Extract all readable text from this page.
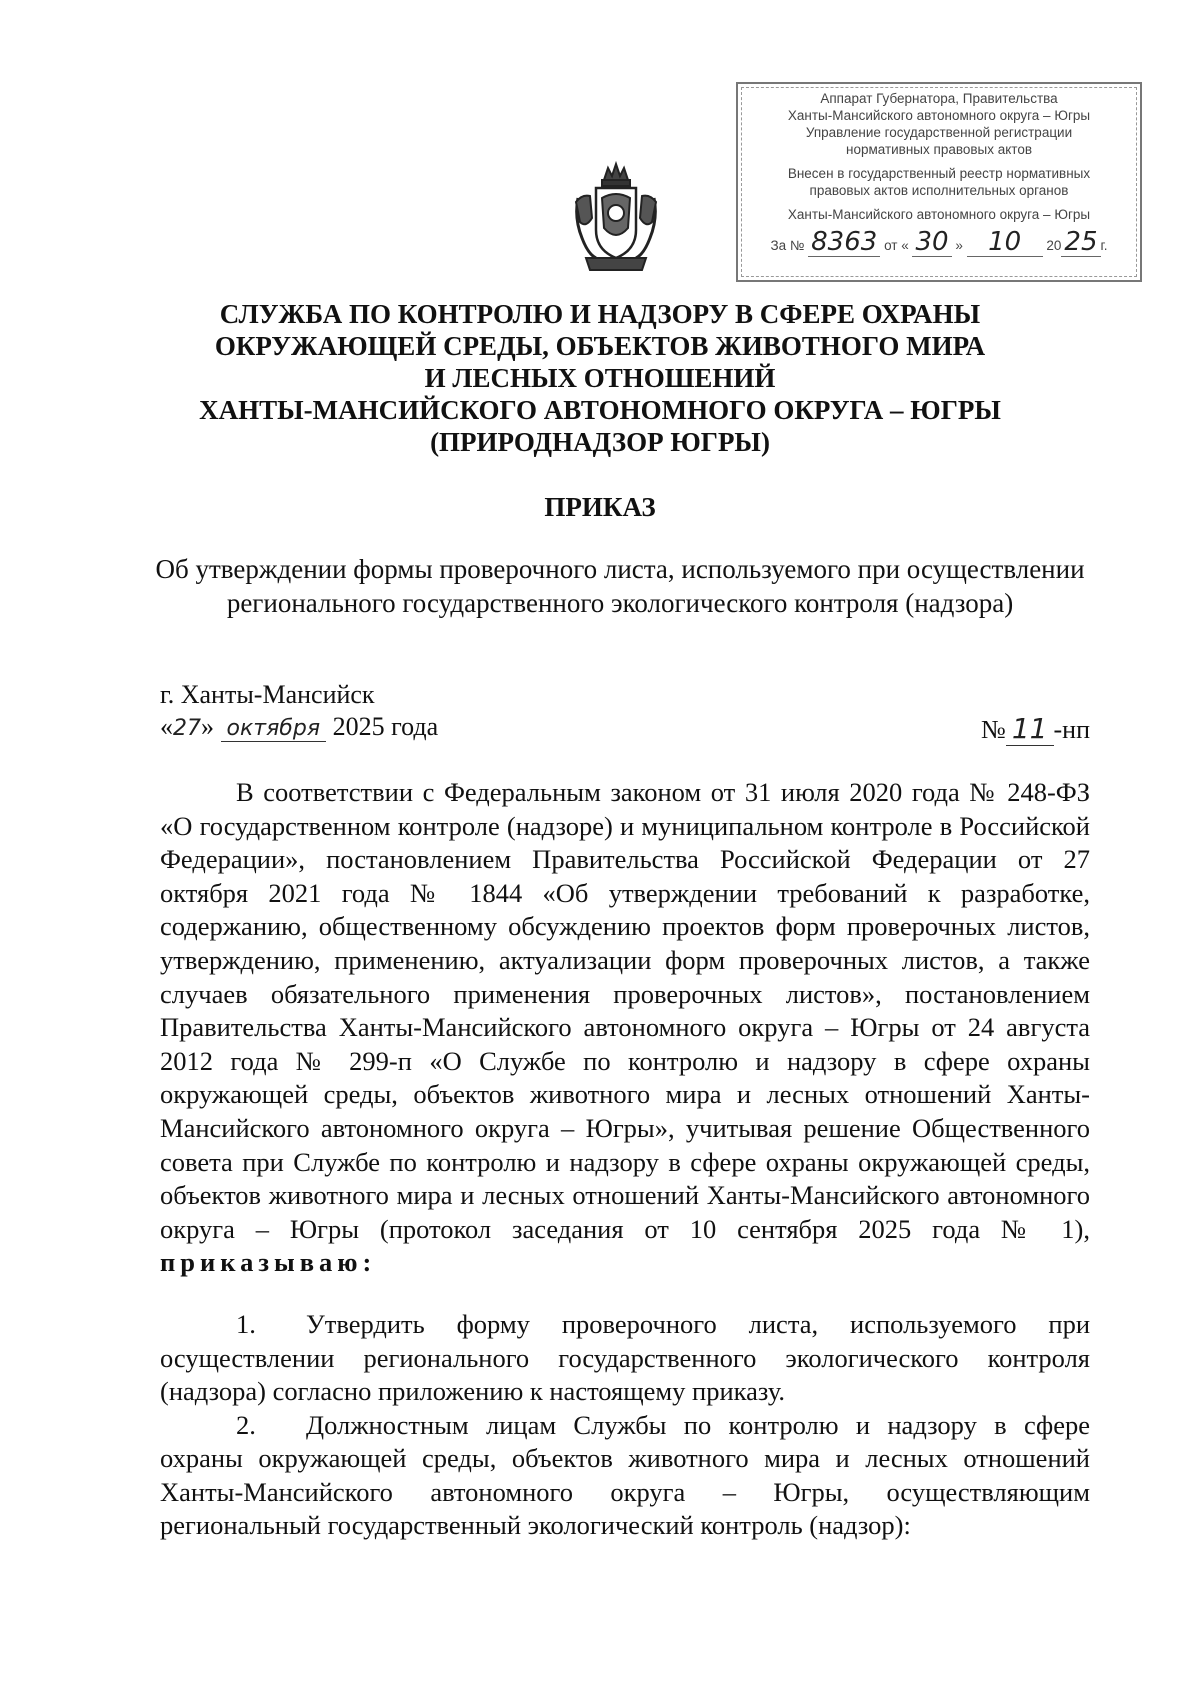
Аппарат Губернатора, Правительства
Ханты-Мансийского автономного округа – Югры
Управление государственной регистрации
нормативных правовых актов
Внесен в государственный реестр нормативных
правовых актов исполнительных органов
Ханты-Мансийского автономного округа – Югры
За № 8363 от « 30 » 10 20 25 г.
СЛУЖБА ПО КОНТРОЛЮ И НАДЗОРУ В СФЕРЕ ОХРАНЫ
ОКРУЖАЮЩЕЙ СРЕДЫ, ОБЪЕКТОВ ЖИВОТНОГО МИРА
И ЛЕСНЫХ ОТНОШЕНИЙ
ХАНТЫ-МАНСИЙСКОГО АВТОНОМНОГО ОКРУГА – ЮГРЫ
(ПРИРОДНАДЗОР ЮГРЫ)
ПРИКАЗ
Об утверждении формы проверочного листа, используемого при осуществлении регионального государственного экологического контроля (надзора)
г. Ханты-Мансийск
«27» октября 2025 года	№ 11 -нп

В соответствии с Федеральным законом от 31 июля 2020 года № 248-ФЗ «О государственном контроле (надзоре) и муниципальном контроле в Российской Федерации», постановлением Правительства Российской Федерации от 27 октября 2021 года № 1844 «Об утверждении требований к разработке, содержанию, общественному обсуждению проектов форм проверочных листов, утверждению, применению, актуализации форм проверочных листов, а также случаев обязательного применения проверочных листов», постановлением Правительства Ханты-Мансийского автономного округа – Югры от 24 августа 2012 года № 299-п «О Службе по контролю и надзору в сфере охраны окружающей среды, объектов животного мира и лесных отношений Ханты-Мансийского автономного округа – Югры», учитывая решение Общественного совета при Службе по контролю и надзору в сфере охраны окружающей среды, объектов животного мира и лесных отношений Ханты-Мансийского автономного округа – Югры (протокол заседания от 10 сентября 2025 года № 1), приказываю:

1. Утвердить форму проверочного листа, используемого при осуществлении регионального государственного экологического контроля (надзора) согласно приложению к настоящему приказу.

2. Должностным лицам Службы по контролю и надзору в сфере охраны окружающей среды, объектов животного мира и лесных отношений Ханты-Мансийского автономного округа – Югры, осуществляющим региональный государственный экологический контроль (надзор):
